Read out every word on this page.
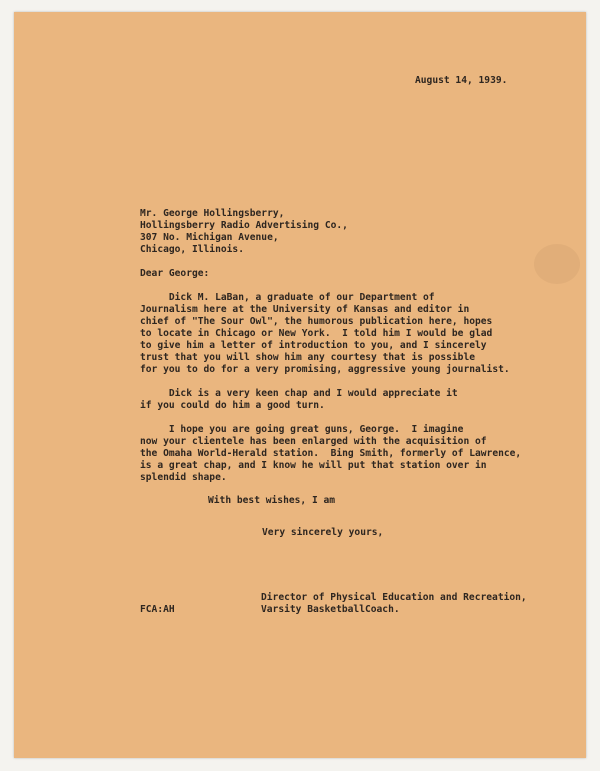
August 14, 1939.
Mr. George Hollingsberry,
Hollingsberry Radio Advertising Co.,
307 No. Michigan Avenue,
Chicago, Illinois.
Dear George:
Dick M. LaBan, a graduate of our Department of
Journalism here at the University of Kansas and editor in
chief of "The Sour Owl", the humorous publication here, hopes
to locate in Chicago or New York.  I told him I would be glad
to give him a letter of introduction to you, and I sincerely
trust that you will show him any courtesy that is possible
for you to do for a very promising, aggressive young journalist.
Dick is a very keen chap and I would appreciate it
if you could do him a good turn.
I hope you are going great guns, George.  I imagine
now your clientele has been enlarged with the acquisition of
the Omaha World-Herald station.  Bing Smith, formerly of Lawrence,
is a great chap, and I know he will put that station over in
splendid shape.
With best wishes, I am
Very sincerely yours,
Director of Physical Education and Recreation,
Varsity BasketballCoach.
FCA:AH
